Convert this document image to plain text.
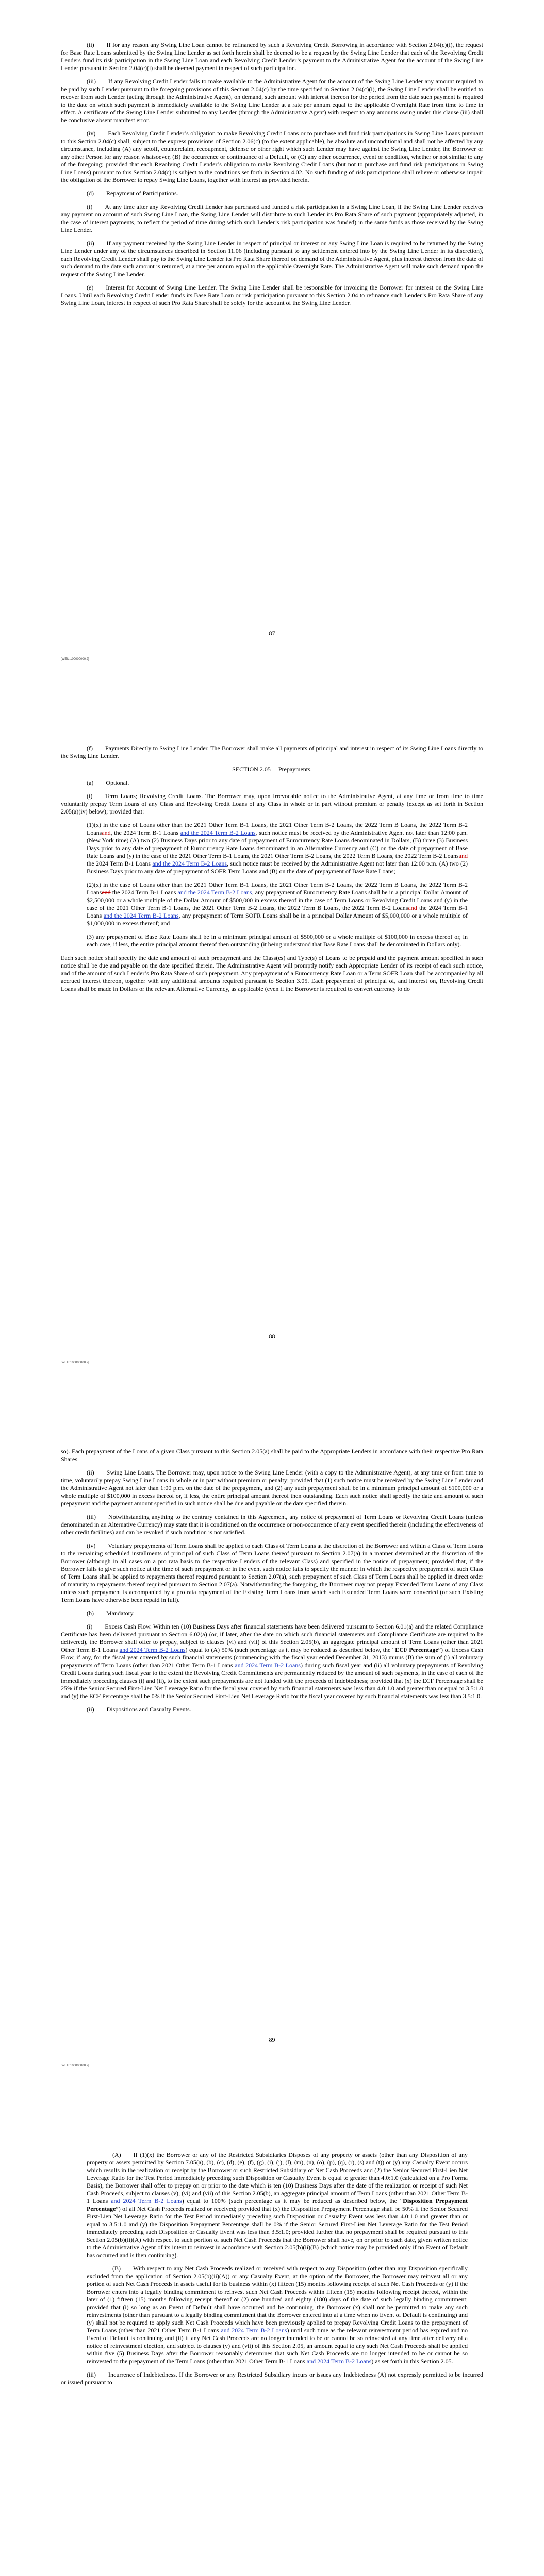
(ii)  If for any reason any Swing Line Loan cannot be refinanced by such a Revolving Credit Borrowing in accordance with Section 2.04(c)(i), the request for Base Rate Loans submitted by the Swing Line Lender as set forth herein shall be deemed to be a request by the Swing Line Lender that each of the Revolving Credit Lenders fund its risk participation in the Swing Line Loan and each Revolving Credit Lender’s payment to the Administrative Agent for the account of the Swing Line Lender pursuant to Section 2.04(c)(i) shall be deemed payment in respect of such participation.

(iii)  If any Revolving Credit Lender fails to make available to the Administrative Agent for the account of the Swing Line Lender any amount required to be paid by such Lender pursuant to the foregoing provisions of this Section 2.04(c) by the time specified in Section 2.04(c)(i), the Swing Line Lender shall be entitled to recover from such Lender (acting through the Administrative Agent), on demand, such amount with interest thereon for the period from the date such payment is required to the date on which such payment is immediately available to the Swing Line Lender at a rate per annum equal to the applicable Overnight Rate from time to time in effect. A certificate of the Swing Line Lender submitted to any Lender (through the Administrative Agent) with respect to any amounts owing under this clause (iii) shall be conclusive absent manifest error.

(iv)  Each Revolving Credit Lender’s obligation to make Revolving Credit Loans or to purchase and fund risk participations in Swing Line Loans pursuant to this Section 2.04(c) shall, subject to the express provisions of Section 2.06(c) (to the extent applicable), be absolute and unconditional and shall not be affected by any circumstance, including (A) any setoff, counterclaim, recoupment, defense or other right which such Lender may have against the Swing Line Lender, the Borrower or any other Person for any reason whatsoever, (B) the occurrence or continuance of a Default, or (C) any other occurrence, event or condition, whether or not similar to any of the foregoing; provided that each Revolving Credit Lender’s obligation to make Revolving Credit Loans (but not to purchase and fund risk participations in Swing Line Loans) pursuant to this Section 2.04(c) is subject to the conditions set forth in Section 4.02. No such funding of risk participations shall relieve or otherwise impair the obligation of the Borrower to repay Swing Line Loans, together with interest as provided herein.

(d)  Repayment of Participations.

(i)  At any time after any Revolving Credit Lender has purchased and funded a risk participation in a Swing Line Loan, if the Swing Line Lender receives any payment on account of such Swing Line Loan, the Swing Line Lender will distribute to such Lender its Pro Rata Share of such payment (appropriately adjusted, in the case of interest payments, to reflect the period of time during which such Lender’s risk participation was funded) in the same funds as those received by the Swing Line Lender.

(ii)  If any payment received by the Swing Line Lender in respect of principal or interest on any Swing Line Loan is required to be returned by the Swing Line Lender under any of the circumstances described in Section 11.06 (including pursuant to any settlement entered into by the Swing Line Lender in its discretion), each Revolving Credit Lender shall pay to the Swing Line Lender its Pro Rata Share thereof on demand of the Administrative Agent, plus interest thereon from the date of such demand to the date such amount is returned, at a rate per annum equal to the applicable Overnight Rate. The Administrative Agent will make such demand upon the request of the Swing Line Lender.

(e)  Interest for Account of Swing Line Lender. The Swing Line Lender shall be responsible for invoicing the Borrower for interest on the Swing Line Loans. Until each Revolving Credit Lender funds its Base Rate Loan or risk participation pursuant to this Section 2.04 to refinance such Lender’s Pro Rata Share of any Swing Line Loan, interest in respect of such Pro Rata Share shall be solely for the account of the Swing Line Lender.

87
[WEIL:100000000.2]

(f)  Payments Directly to Swing Line Lender. The Borrower shall make all payments of principal and interest in respect of its Swing Line Loans directly to the Swing Line Lender.

SECTION 2.05 Prepayments.

(a)  Optional.

(i)  Term Loans; Revolving Credit Loans. The Borrower may, upon irrevocable notice to the Administrative Agent, at any time or from time to time voluntarily prepay Term Loans of any Class and Revolving Credit Loans of any Class in whole or in part without premium or penalty (except as set forth in Section 2.05(a)(iv) below); provided that:

(1)(x) in the case of Loans other than the 2021 Other Term B-1 Loans, the 2021 Other Term B-2 Loans, the 2022 Term B Loans, the 2022 Term B-2 Loansand, the 2024 Term B-1 Loans and the 2024 Term B-2 Loans, such notice must be received by the Administrative Agent not later than 12:00 p.m. (New York time) (A) two (2) Business Days prior to any date of prepayment of Eurocurrency Rate Loans denominated in Dollars, (B) three (3) Business Days prior to any date of prepayment of Eurocurrency Rate Loans denominated in an Alternative Currency and (C) on the date of prepayment of Base Rate Loans and (y) in the case of the 2021 Other Term B-1 Loans, the 2021 Other Term B-2 Loans, the 2022 Term B Loans, the 2022 Term B-2 Loansand the 2024 Term B-1 Loans and the 2024 Term B-2 Loans, such notice must be received by the Administrative Agent not later than 12:00 p.m. (A) two (2) Business Days prior to any date of prepayment of SOFR Term Loans and (B) on the date of prepayment of Base Rate Loans;

(2)(x) in the case of Loans other than the 2021 Other Term B-1 Loans, the 2021 Other Term B-2 Loans, the 2022 Term B Loans, the 2022 Term B-2 Loansand the 2024 Term B-1 Loans and the 2024 Term B-2 Loans, any prepayment of Eurocurrency Rate Loans shall be in a principal Dollar Amount of $2,500,000 or a whole multiple of the Dollar Amount of $500,000 in excess thereof in the case of Term Loans or Revolving Credit Loans and (y) in the case of the 2021 Other Term B-1 Loans, the 2021 Other Term B-2 Loans, the 2022 Term B Loans, the 2022 Term B-2 Loansand the 2024 Term B-1 Loans and the 2024 Term B-2 Loans, any prepayment of Term SOFR Loans shall be in a principal Dollar Amount of $5,000,000 or a whole multiple of $1,000,000 in excess thereof; and

(3) any prepayment of Base Rate Loans shall be in a minimum principal amount of $500,000 or a whole multiple of $100,000 in excess thereof or, in each case, if less, the entire principal amount thereof then outstanding (it being understood that Base Rate Loans shall be denominated in Dollars only).

Each such notice shall specify the date and amount of such prepayment and the Class(es) and Type(s) of Loans to be prepaid and the payment amount specified in such notice shall be due and payable on the date specified therein. The Administrative Agent will promptly notify each Appropriate Lender of its receipt of each such notice, and of the amount of such Lender’s Pro Rata Share of such prepayment. Any prepayment of a Eurocurrency Rate Loan or a Term SOFR Loan shall be accompanied by all accrued interest thereon, together with any additional amounts required pursuant to Section 3.05. Each prepayment of principal of, and interest on, Revolving Credit Loans shall be made in Dollars or the relevant Alternative Currency, as applicable (even if the Borrower is required to convert currency to do

88
[WEIL:100000000.2]

so). Each prepayment of the Loans of a given Class pursuant to this Section 2.05(a) shall be paid to the Appropriate Lenders in accordance with their respective Pro Rata Shares.

(ii)  Swing Line Loans. The Borrower may, upon notice to the Swing Line Lender (with a copy to the Administrative Agent), at any time or from time to time, voluntarily prepay Swing Line Loans in whole or in part without premium or penalty; provided that (1) such notice must be received by the Swing Line Lender and the Administrative Agent not later than 1:00 p.m. on the date of the prepayment, and (2) any such prepayment shall be in a minimum principal amount of $100,000 or a whole multiple of $100,000 in excess thereof or, if less, the entire principal amount thereof then outstanding. Each such notice shall specify the date and amount of such prepayment and the payment amount specified in such notice shall be due and payable on the date specified therein.

(iii)  Notwithstanding anything to the contrary contained in this Agreement, any notice of prepayment of Term Loans or Revolving Credit Loans (unless denominated in an Alternative Currency) may state that it is conditioned on the occurrence or non-occurrence of any event specified therein (including the effectiveness of other credit facilities) and can be revoked if such condition is not satisfied.

(iv)  Voluntary prepayments of Term Loans shall be applied to each Class of Term Loans at the discretion of the Borrower and within a Class of Term Loans to the remaining scheduled installments of principal of such Class of Term Loans thereof pursuant to Section 2.07(a) in a manner determined at the discretion of the Borrower (although in all cases on a pro rata basis to the respective Lenders of the relevant Class) and specified in the notice of prepayment; provided that, if the Borrower fails to give such notice at the time of such prepayment or in the event such notice fails to specify the manner in which the respective prepayment of such Class of Term Loans shall be applied to repayments thereof required pursuant to Section 2.07(a), such prepayment of such Class of Term Loans shall be applied in direct order of maturity to repayments thereof required pursuant to Section 2.07(a). Notwithstanding the foregoing, the Borrower may not prepay Extended Term Loans of any Class unless such prepayment is accompanied by a pro rata repayment of the Existing Term Loans from which such Extended Term Loans were converted (or such Existing Term Loans have otherwise been repaid in full).

(b)  Mandatory.

(i)  Excess Cash Flow. Within ten (10) Business Days after financial statements have been delivered pursuant to Section 6.01(a) and the related Compliance Certificate has been delivered pursuant to Section 6.02(a) (or, if later, after the date on which such financial statements and Compliance Certificate are required to be delivered), the Borrower shall offer to prepay, subject to clauses (vi) and (vii) of this Section 2.05(b), an aggregate principal amount of Term Loans (other than 2021 Other Term B-1 Loans and 2024 Term B-2 Loans) equal to (A) 50% (such percentage as it may be reduced as described below, the “ECF Percentage”) of Excess Cash Flow, if any, for the fiscal year covered by such financial statements (commencing with the fiscal year ended December 31, 2013) minus (B) the sum of (i) all voluntary prepayments of Term Loans (other than 2021 Other Term B-1 Loans and 2024 Term B-2 Loans) during such fiscal year and (ii) all voluntary prepayments of Revolving Credit Loans during such fiscal year to the extent the Revolving Credit Commitments are permanently reduced by the amount of such payments, in the case of each of the immediately preceding clauses (i) and (ii), to the extent such prepayments are not funded with the proceeds of Indebtedness; provided that (x) the ECF Percentage shall be 25% if the Senior Secured First-Lien Net Leverage Ratio for the fiscal year covered by such financial statements was less than 4.0:1.0 and greater than or equal to 3.5:1.0 and (y) the ECF Percentage shall be 0% if the Senior Secured First-Lien Net Leverage Ratio for the fiscal year covered by such financial statements was less than 3.5:1.0.

(ii)  Dispositions and Casualty Events.

89
[WEIL:100000000.2]

(A)  If (1)(x) the Borrower or any of the Restricted Subsidiaries Disposes of any property or assets (other than any Disposition of any property or assets permitted by Section 7.05(a), (b), (c), (d), (e), (f), (g), (i), (j), (l), (m), (n), (o), (p), (q), (r), (s) and (t)) or (y) any Casualty Event occurs which results in the realization or receipt by the Borrower or such Restricted Subsidiary of Net Cash Proceeds and (2) the Senior Secured First-Lien Net Leverage Ratio for the Test Period immediately preceding such Disposition or Casualty Event is equal to greater than 4.0:1.0 (calculated on a Pro Forma Basis), the Borrower shall offer to prepay on or prior to the date which is ten (10) Business Days after the date of the realization or receipt of such Net Cash Proceeds, subject to clauses (v), (vi) and (vii) of this Section 2.05(b), an aggregate principal amount of Term Loans (other than 2021 Other Term B-1 Loans and 2024 Term B-2 Loans) equal to 100% (such percentage as it may be reduced as described below, the “Disposition Prepayment Percentage”) of all Net Cash Proceeds realized or received; provided that (x) the Disposition Prepayment Percentage shall be 50% if the Senior Secured First-Lien Net Leverage Ratio for the Test Period immediately preceding such Disposition or Casualty Event was less than 4.0:1.0 and greater than or equal to 3.5:1.0 and (y) the Disposition Prepayment Percentage shall be 0% if the Senior Secured First-Lien Net Leverage Ratio for the Test Period immediately preceding such Disposition or Casualty Event was less than 3.5:1.0; provided further that no prepayment shall be required pursuant to this Section 2.05(b)(ii)(A) with respect to such portion of such Net Cash Proceeds that the Borrower shall have, on or prior to such date, given written notice to the Administrative Agent of its intent to reinvest in accordance with Section 2.05(b)(ii)(B) (which notice may be provided only if no Event of Default has occurred and is then continuing).

(B)  With respect to any Net Cash Proceeds realized or received with respect to any Disposition (other than any Disposition specifically excluded from the application of Section 2.05(b)(ii)(A)) or any Casualty Event, at the option of the Borrower, the Borrower may reinvest all or any portion of such Net Cash Proceeds in assets useful for its business within (x) fifteen (15) months following receipt of such Net Cash Proceeds or (y) if the Borrower enters into a legally binding commitment to reinvest such Net Cash Proceeds within fifteen (15) months following receipt thereof, within the later of (1) fifteen (15) months following receipt thereof or (2) one hundred and eighty (180) days of the date of such legally binding commitment; provided that (i) so long as an Event of Default shall have occurred and be continuing, the Borrower (x) shall not be permitted to make any such reinvestments (other than pursuant to a legally binding commitment that the Borrower entered into at a time when no Event of Default is continuing) and (y) shall not be required to apply such Net Cash Proceeds which have been previously applied to prepay Revolving Credit Loans to the prepayment of Term Loans (other than 2021 Other Term B-1 Loans and 2024 Term B-2 Loans) until such time as the relevant reinvestment period has expired and no Event of Default is continuing and (ii) if any Net Cash Proceeds are no longer intended to be or cannot be so reinvested at any time after delivery of a notice of reinvestment election, and subject to clauses (v) and (vii) of this Section 2.05, an amount equal to any such Net Cash Proceeds shall be applied within five (5) Business Days after the Borrower reasonably determines that such Net Cash Proceeds are no longer intended to be or cannot be so reinvested to the prepayment of the Term Loans (other than 2021 Other Term B-1 Loans and 2024 Term B-2 Loans) as set forth in this Section 2.05.

(iii)  Incurrence of Indebtedness. If the Borrower or any Restricted Subsidiary incurs or issues any Indebtedness (A) not expressly permitted to be incurred or issued pursuant to
